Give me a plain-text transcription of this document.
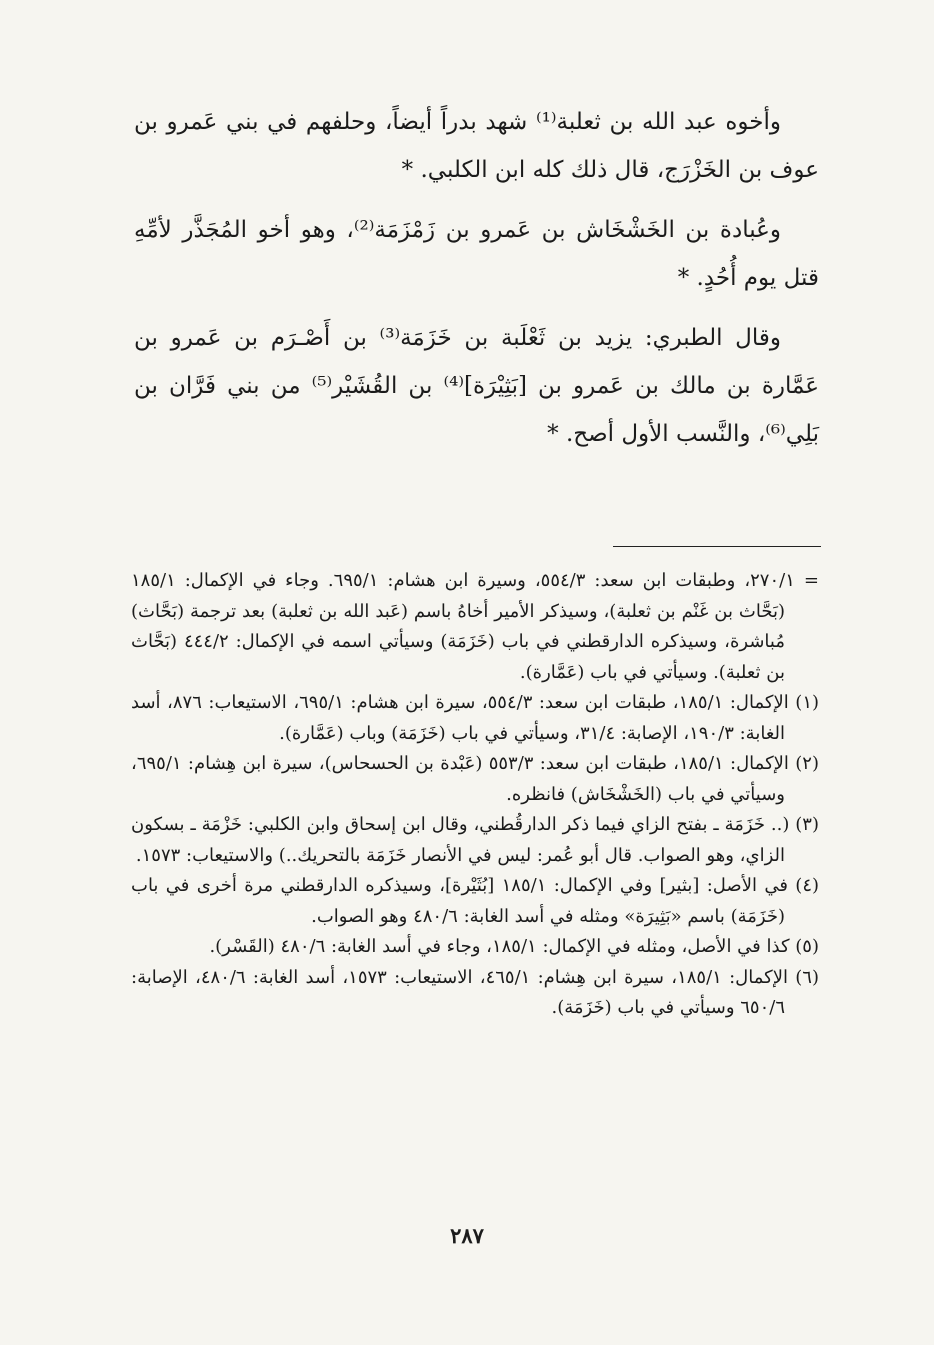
وأخوه عبد الله بن ثعلبة⁽¹⁾ شهد بدراً أيضاً، وحلفهم في بني عَمرو بن عوف بن الخَزْرَج، قال ذلك كله ابن الكلبي. *

وعُبادة بن الخَشْخَاش بن عَمرو بن زَمْزَمَة⁽²⁾، وهو أخو المُجَذَّر لأمِّهِ قتل يوم أُحُدٍ. *

وقال الطبري: يزيد بن ثَعْلَبة بن خَزَمَة⁽³⁾ بن أَصْـرَم بن عَمرو بن عَمَّارة بن مالك بن عَمرو بن [بَثِيْرَة]⁽⁴⁾ بن القُشَيْر⁽⁵⁾ من بني فَرَّان بن بَلِي⁽⁶⁾، والنَّسب الأول أصح. *

= ٢٧٠/١، وطبقات ابن سعد: ٥٥٤/٣، وسيرة ابن هشام: ٦٩٥/١. وجاء في الإكمال: ١٨٥/١ (بَحَّاث بن غَنْم بن ثعلبة)، وسيذكر الأمير أخاهُ باسم (عَبد الله بن ثعلبة) بعد ترجمة (بَحَّاث) مُباشرة، وسيذكره الدارقطني في باب (خَزَمَة) وسيأتي اسمه في الإكمال: ٤٤٤/٢ (بَحَّاث بن ثعلبة). وسيأتي في باب (عَمَّارة).

(١) الإكمال: ١٨٥/١، طبقات ابن سعد: ٥٥٤/٣، سيرة ابن هشام: ٦٩٥/١، الاستيعاب: ٨٧٦، أسد الغابة: ١٩٠/٣، الإصابة: ٣١/٤، وسيأتي في باب (خَزَمَة) وباب (عَمَّارة).

(٢) الإكمال: ١٨٥/١، طبقات ابن سعد: ٥٥٣/٣ (عَبْدة بن الحسحاس)، سيرة ابن هِشام: ٦٩٥/١، وسيأتي في باب (الخَشْخَاش) فانظره.

(٣) (.. خَزَمَة ـ بفتح الزاي فيما ذكر الدارقُطني، وقال ابن إسحاق وابن الكلبي: خَزْمَة ـ بسكون الزاي، وهو الصواب. قال أبو عُمر: ليس في الأنصار خَزَمَة بالتحريك..) والاستيعاب: ١٥٧٣.

(٤) في الأصل: [بثير] وفي الإكمال: ١٨٥/١ [بُثَيْرة]، وسيذكره الدارقطني مرة أخرى في باب (خَزَمَة) باسم «بَثِيرَة» ومثله في أسد الغابة: ٤٨٠/٦ وهو الصواب.

(٥) كذا في الأصل، ومثله في الإكمال: ١٨٥/١، وجاء في أسد الغابة: ٤٨٠/٦ (القَسْر).

(٦) الإكمال: ١٨٥/١، سيرة ابن هِشام: ٤٦٥/١، الاستيعاب: ١٥٧٣، أسد الغابة: ٤٨٠/٦، الإصابة: ٦٥٠/٦ وسيأتي في باب (خَزَمَة).

٢٨٧
